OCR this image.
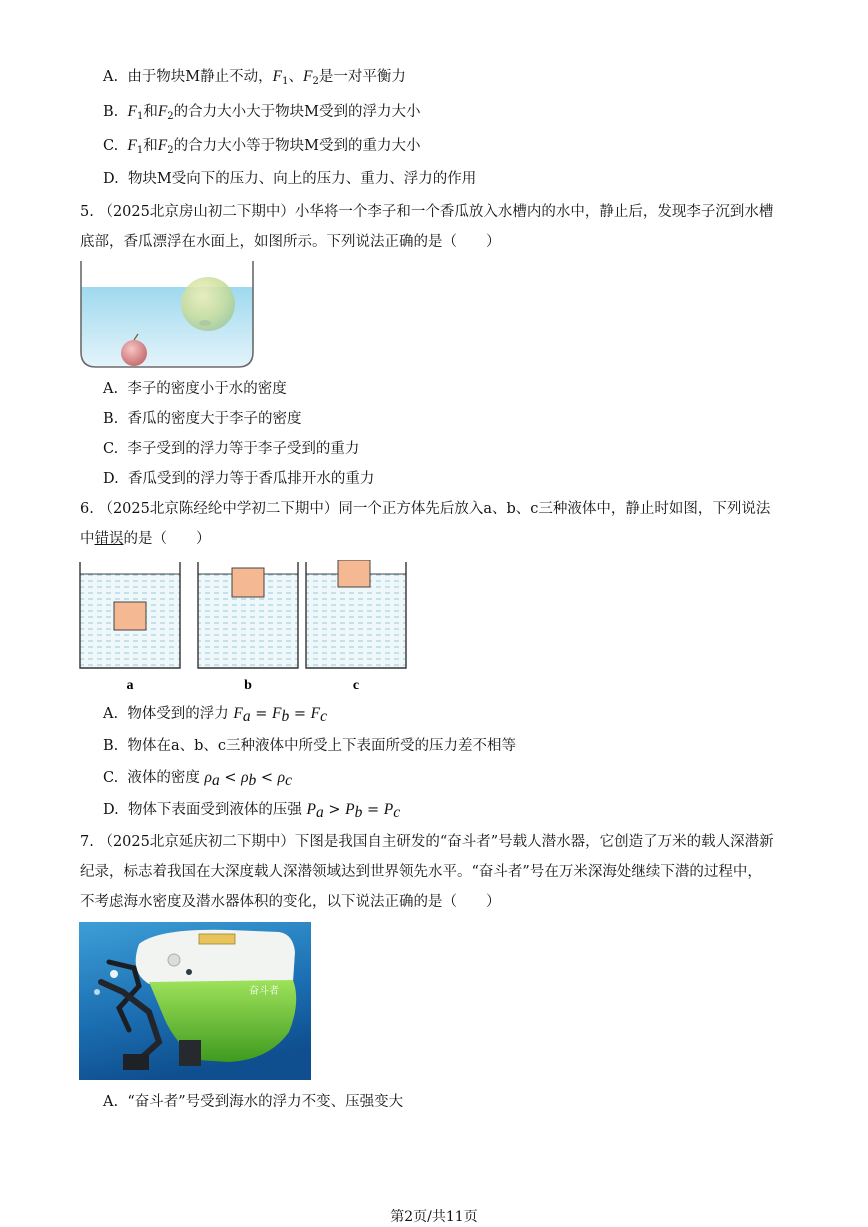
A. 由于物块M静止不动，$F_1$、$F_2$是一对平衡力
B. $F_1$和$F_2$的合力大小大于物块M受到的浮力大小
C. $F_1$和$F_2$的合力大小等于物块M受到的重力大小
D. 物块M受向下的压力、向上的压力、重力、浮力的作用
5. （2025北京房山初二下期中）小华将一个李子和一个香瓜放入水槽内的水中，静止后，发现李子沉到水槽
底部，香瓜漂浮在水面上，如图所示。下列说法正确的是（　　）
A. 李子的密度小于水的密度
B. 香瓜的密度大于李子的密度
C. 李子受到的浮力等于李子受到的重力
D. 香瓜受到的浮力等于香瓜排开水的重力
6. （2025北京陈经纶中学初二下期中）同一个正方体先后放入a、b、c三种液体中，静止时如图，下列说法
中错误的是（　　）
a	b	c
A. 物体受到的浮力 $F_a = F_b = F_c$
B. 物体在a、b、c三种液体中所受上下表面所受的压力差不相等
C. 液体的密度 $\rho_a < \rho_b < \rho_c$
D. 物体下表面受到液体的压强 $P_a > P_b = P_c$
7. （2025北京延庆初二下期中）下图是我国自主研发的“奋斗者”号载人潜水器，它创造了万米的载人深潜新
纪录，标志着我国在大深度载人深潜领域达到世界领先水平。“奋斗者”号在万米深海处继续下潜的过程中，
不考虑海水密度及潜水器体积的变化，以下说法正确的是（　　）
奋斗者
A. “奋斗者”号受到海水的浮力不变、压强变大
第2页/共11页
